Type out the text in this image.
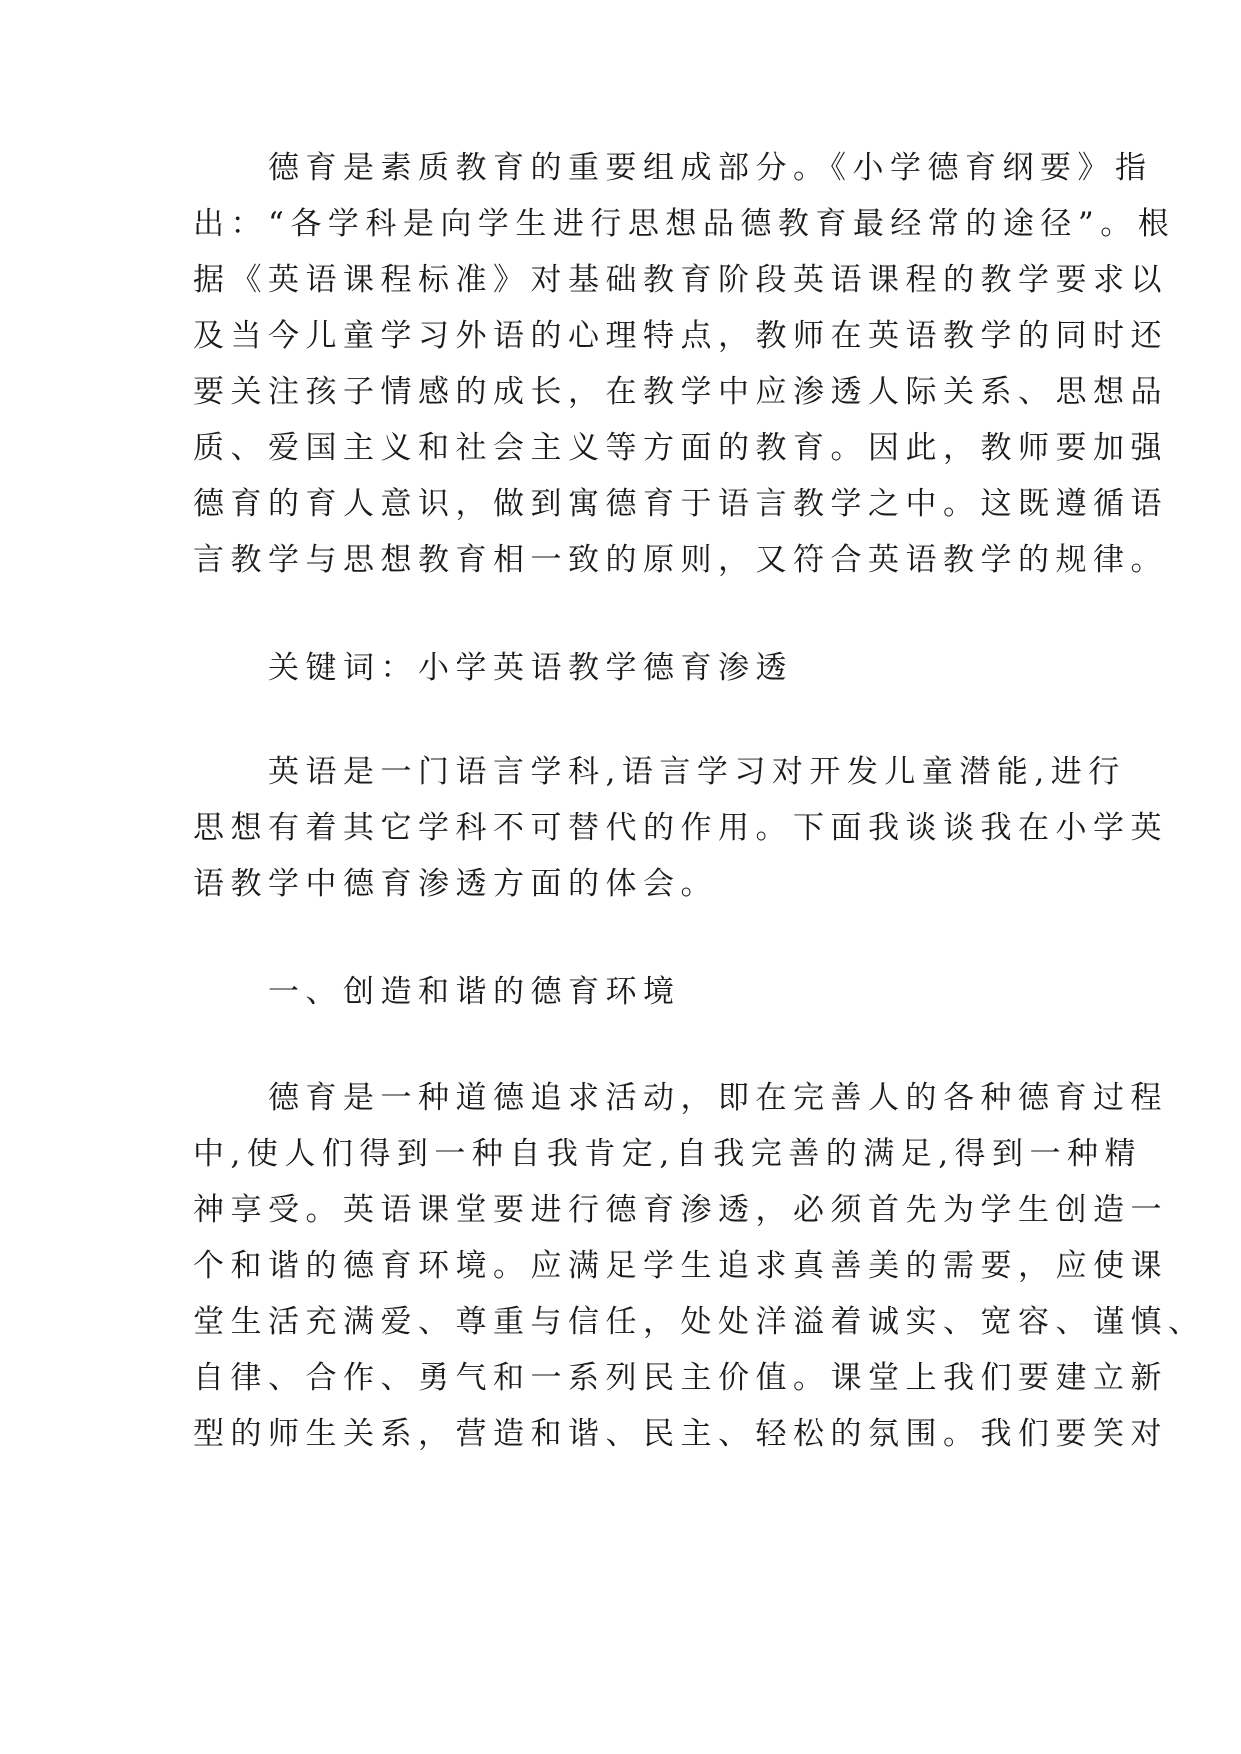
　　德育是素质教育的重要组成部分。《小学德育纲要》指
出：“各学科是向学生进行思想品德教育最经常的途径”。根
据《英语课程标准》对基础教育阶段英语课程的教学要求以
及当今儿童学习外语的心理特点，教师在英语教学的同时还
要关注孩子情感的成长，在教学中应渗透人际关系、思想品
质、爱国主义和社会主义等方面的教育。因此，教师要加强
德育的育人意识，做到寓德育于语言教学之中。这既遵循语
言教学与思想教育相一致的原则，又符合英语教学的规律。
　　关键词：小学英语教学德育渗透
　　英语是一门语言学科,语言学习对开发儿童潜能,进行
思想有着其它学科不可替代的作用。下面我谈谈我在小学英
语教学中德育渗透方面的体会。
　　一、创造和谐的德育环境
　　德育是一种道德追求活动，即在完善人的各种德育过程
中,使人们得到一种自我肯定,自我完善的满足,得到一种精
神享受。英语课堂要进行德育渗透，必须首先为学生创造一
个和谐的德育环境。应满足学生追求真善美的需要，应使课
堂生活充满爱、尊重与信任，处处洋溢着诚实、宽容、谨慎、
自律、合作、勇气和一系列民主价值。课堂上我们要建立新
型的师生关系，营造和谐、民主、轻松的氛围。我们要笑对
